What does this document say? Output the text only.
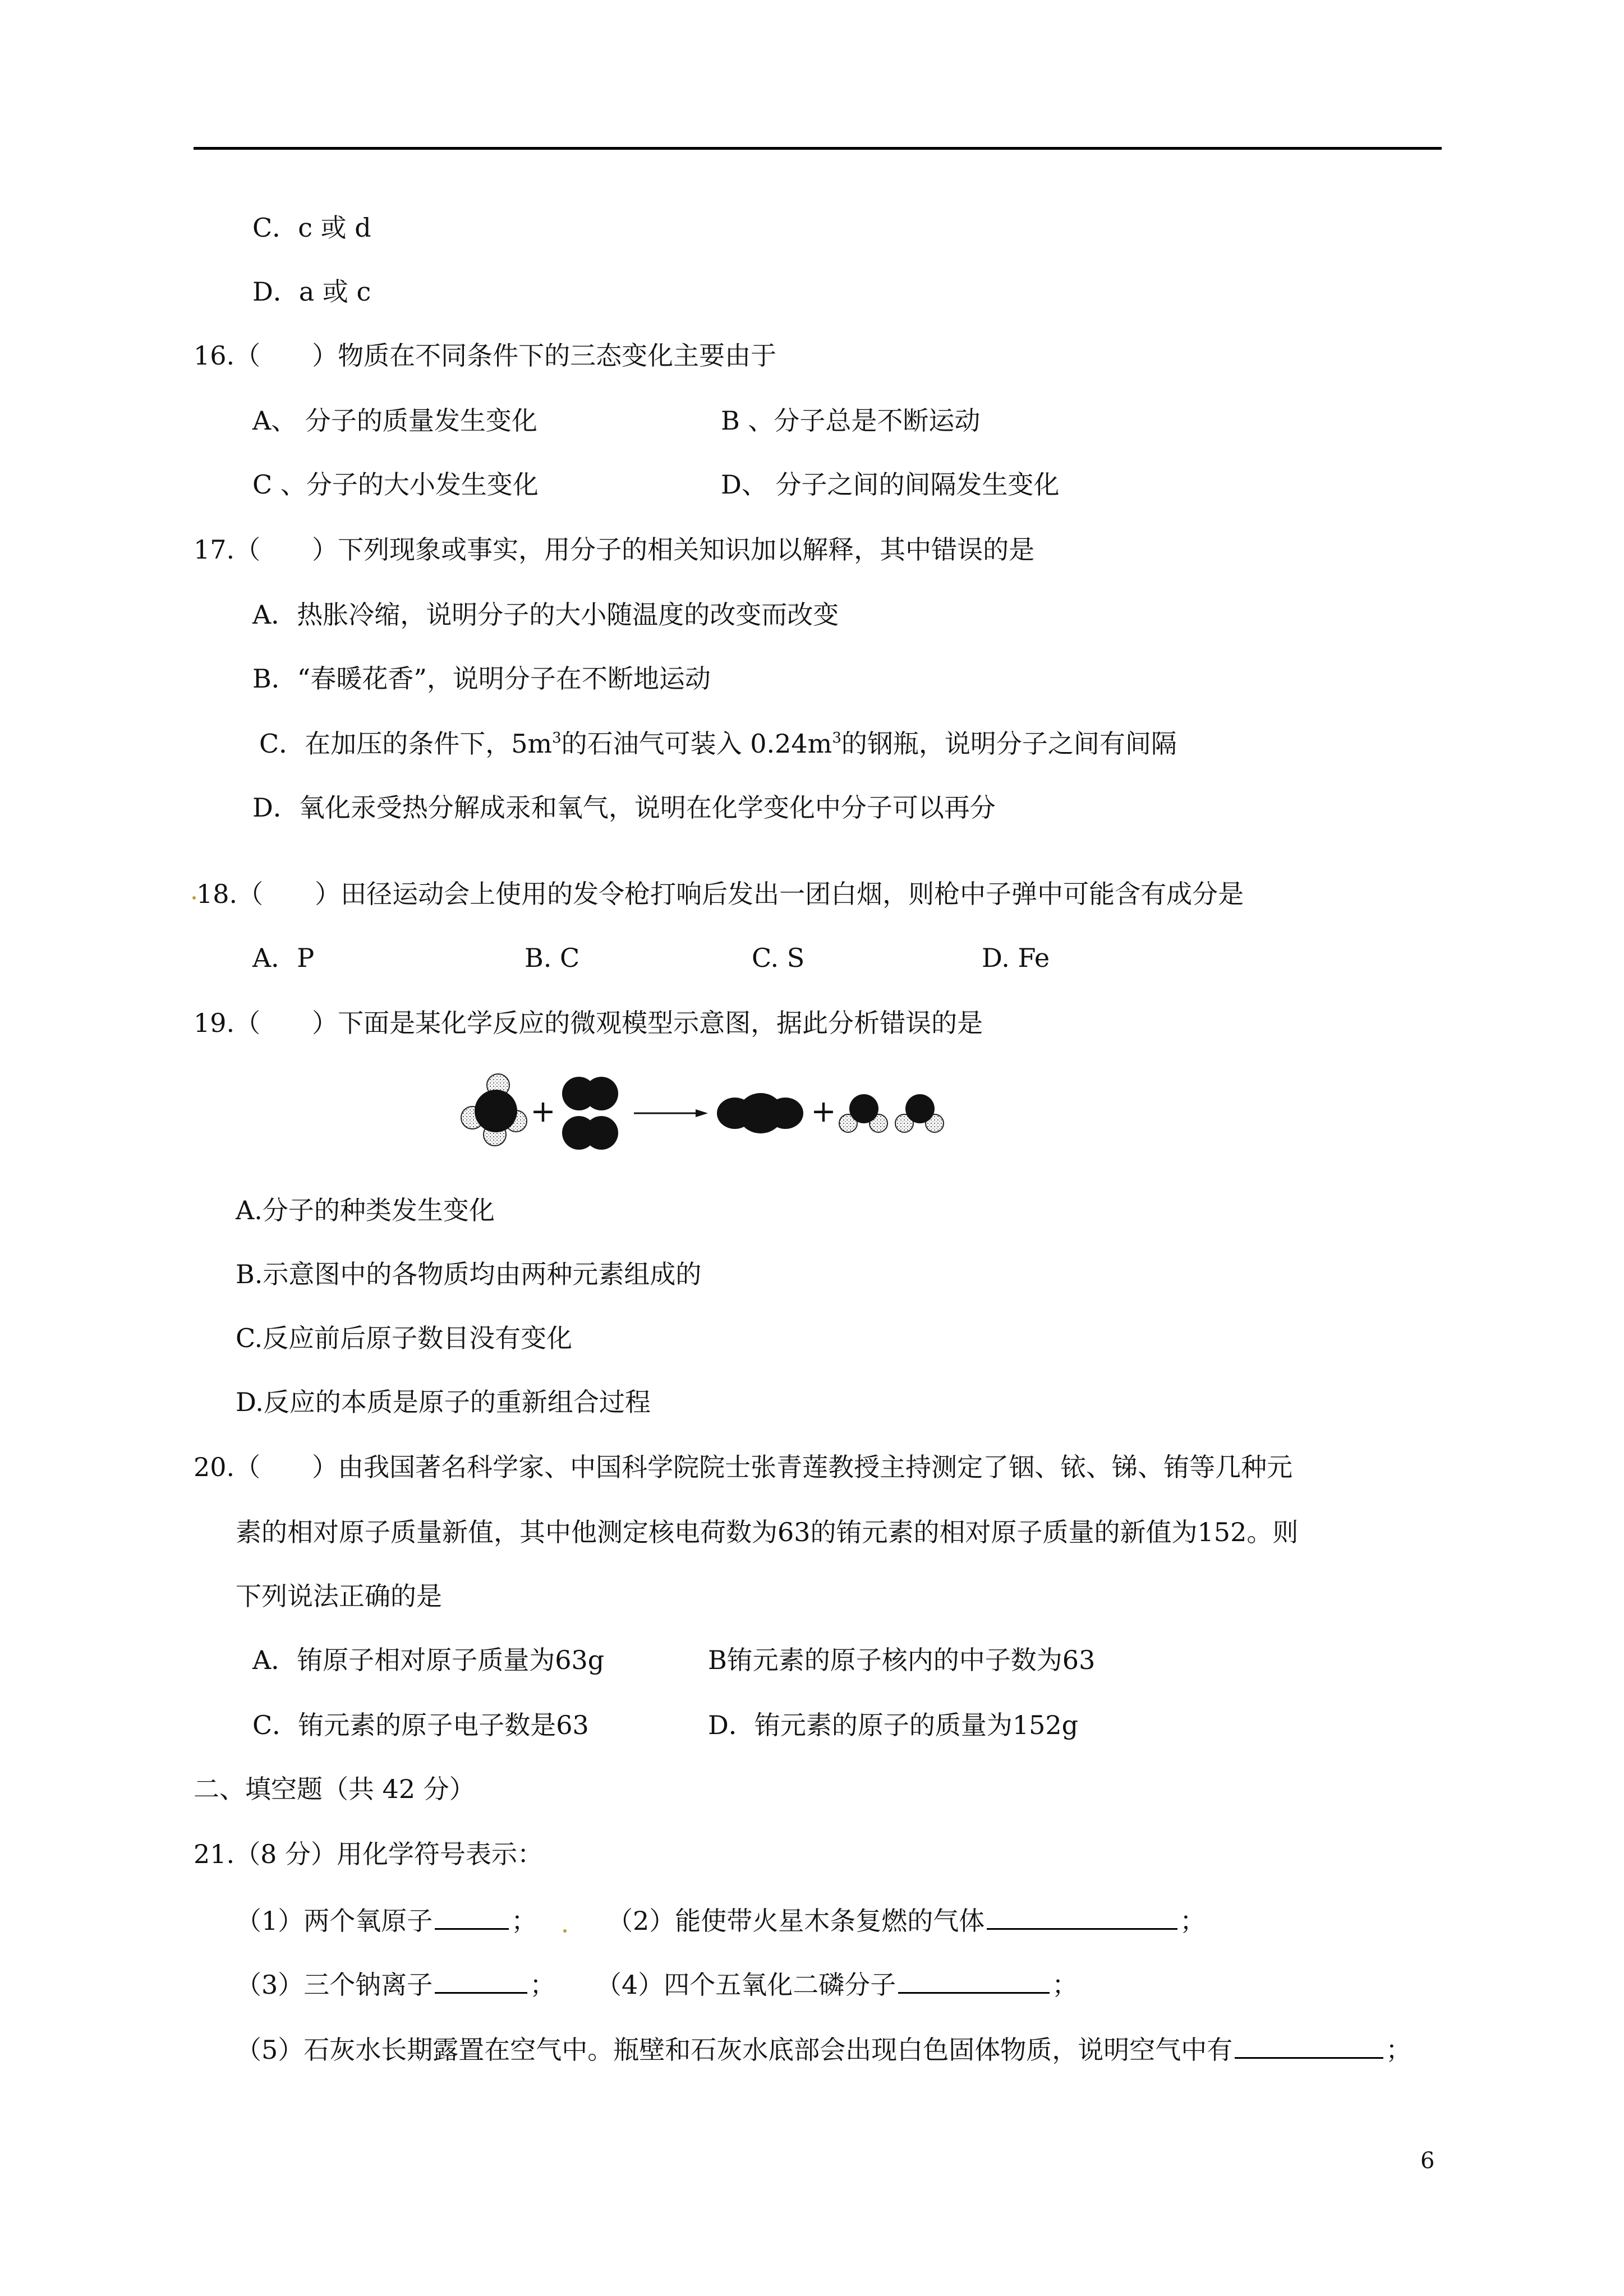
C．c 或 d
D．a 或 c
16.（　　）物质在不同条件下的三态变化主要由于
A、 分子的质量发生变化	B 、分子总是不断运动
C 、分子的大小发生变化	D、 分子之间的间隔发生变化
17.（　　）下列现象或事实，用分子的相关知识加以解释，其中错误的是
A．热胀冷缩，说明分子的大小随温度的改变而改变
B．“春暖花香”，说明分子在不断地运动
C．在加压的条件下，$5m^3$的石油气可装入 $0.24m^3$的钢瓶，说明分子之间有间隔
D．氧化汞受热分解成汞和氧气，说明在化学变化中分子可以再分
18.（　　）田径运动会上使用的发令枪打响后发出一团白烟，则枪中子弹中可能含有成分是
A．P	B. C	C. S	D. Fe
19.（　　）下面是某化学反应的微观模型示意图，据此分析错误的是
+	+
A.分子的种类发生变化
B.示意图中的各物质均由两种元素组成的
C.反应前后原子数目没有变化
D.反应的本质是原子的重新组合过程
20.（　　）由我国著名科学家、中国科学院院士张青莲教授主持测定了铟、铱、锑、铕等几种元
素的相对原子质量新值，其中他测定核电荷数为63的铕元素的相对原子质量的新值为152。则
下列说法正确的是
A．铕原子相对原子质量为63g	B铕元素的原子核内的中子数为63
C．铕元素的原子电子数是63	D．铕元素的原子的质量为152g
二、填空题（共 42 分）
21.（8 分）用化学符号表示：
（1）两个氧原子	；	（2）能使带火星木条复燃的气体	；
（3）三个钠离子	； （4）四个五氧化二磷分子	；
（5）石灰水长期露置在空气中。瓶壁和石灰水底部会出现白色固体物质，说明空气中有	；
6
